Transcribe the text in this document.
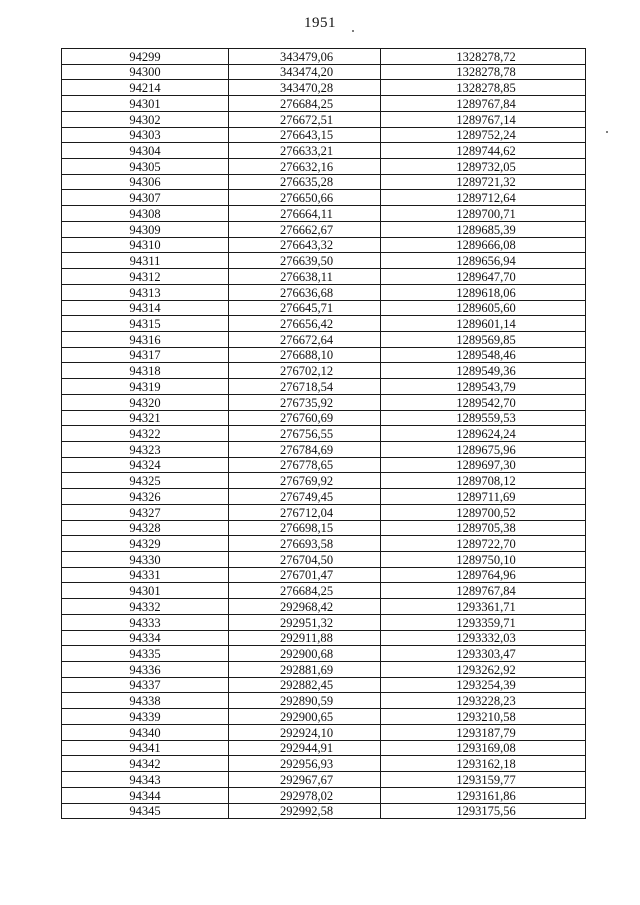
1951
94299	343479,06	1328278,72
94300	343474,20	1328278,78
94214	343470,28	1328278,85
94301	276684,25	1289767,84
94302	276672,51	1289767,14
94303	276643,15	1289752,24
94304	276633,21	1289744,62
94305	276632,16	1289732,05
94306	276635,28	1289721,32
94307	276650,66	1289712,64
94308	276664,11	1289700,71
94309	276662,67	1289685,39
94310	276643,32	1289666,08
94311	276639,50	1289656,94
94312	276638,11	1289647,70
94313	276636,68	1289618,06
94314	276645,71	1289605,60
94315	276656,42	1289601,14
94316	276672,64	1289569,85
94317	276688,10	1289548,46
94318	276702,12	1289549,36
94319	276718,54	1289543,79
94320	276735,92	1289542,70
94321	276760,69	1289559,53
94322	276756,55	1289624,24
94323	276784,69	1289675,96
94324	276778,65	1289697,30
94325	276769,92	1289708,12
94326	276749,45	1289711,69
94327	276712,04	1289700,52
94328	276698,15	1289705,38
94329	276693,58	1289722,70
94330	276704,50	1289750,10
94331	276701,47	1289764,96
94301	276684,25	1289767,84
94332	292968,42	1293361,71
94333	292951,32	1293359,71
94334	292911,88	1293332,03
94335	292900,68	1293303,47
94336	292881,69	1293262,92
94337	292882,45	1293254,39
94338	292890,59	1293228,23
94339	292900,65	1293210,58
94340	292924,10	1293187,79
94341	292944,91	1293169,08
94342	292956,93	1293162,18
94343	292967,67	1293159,77
94344	292978,02	1293161,86
94345	292992,58	1293175,56
